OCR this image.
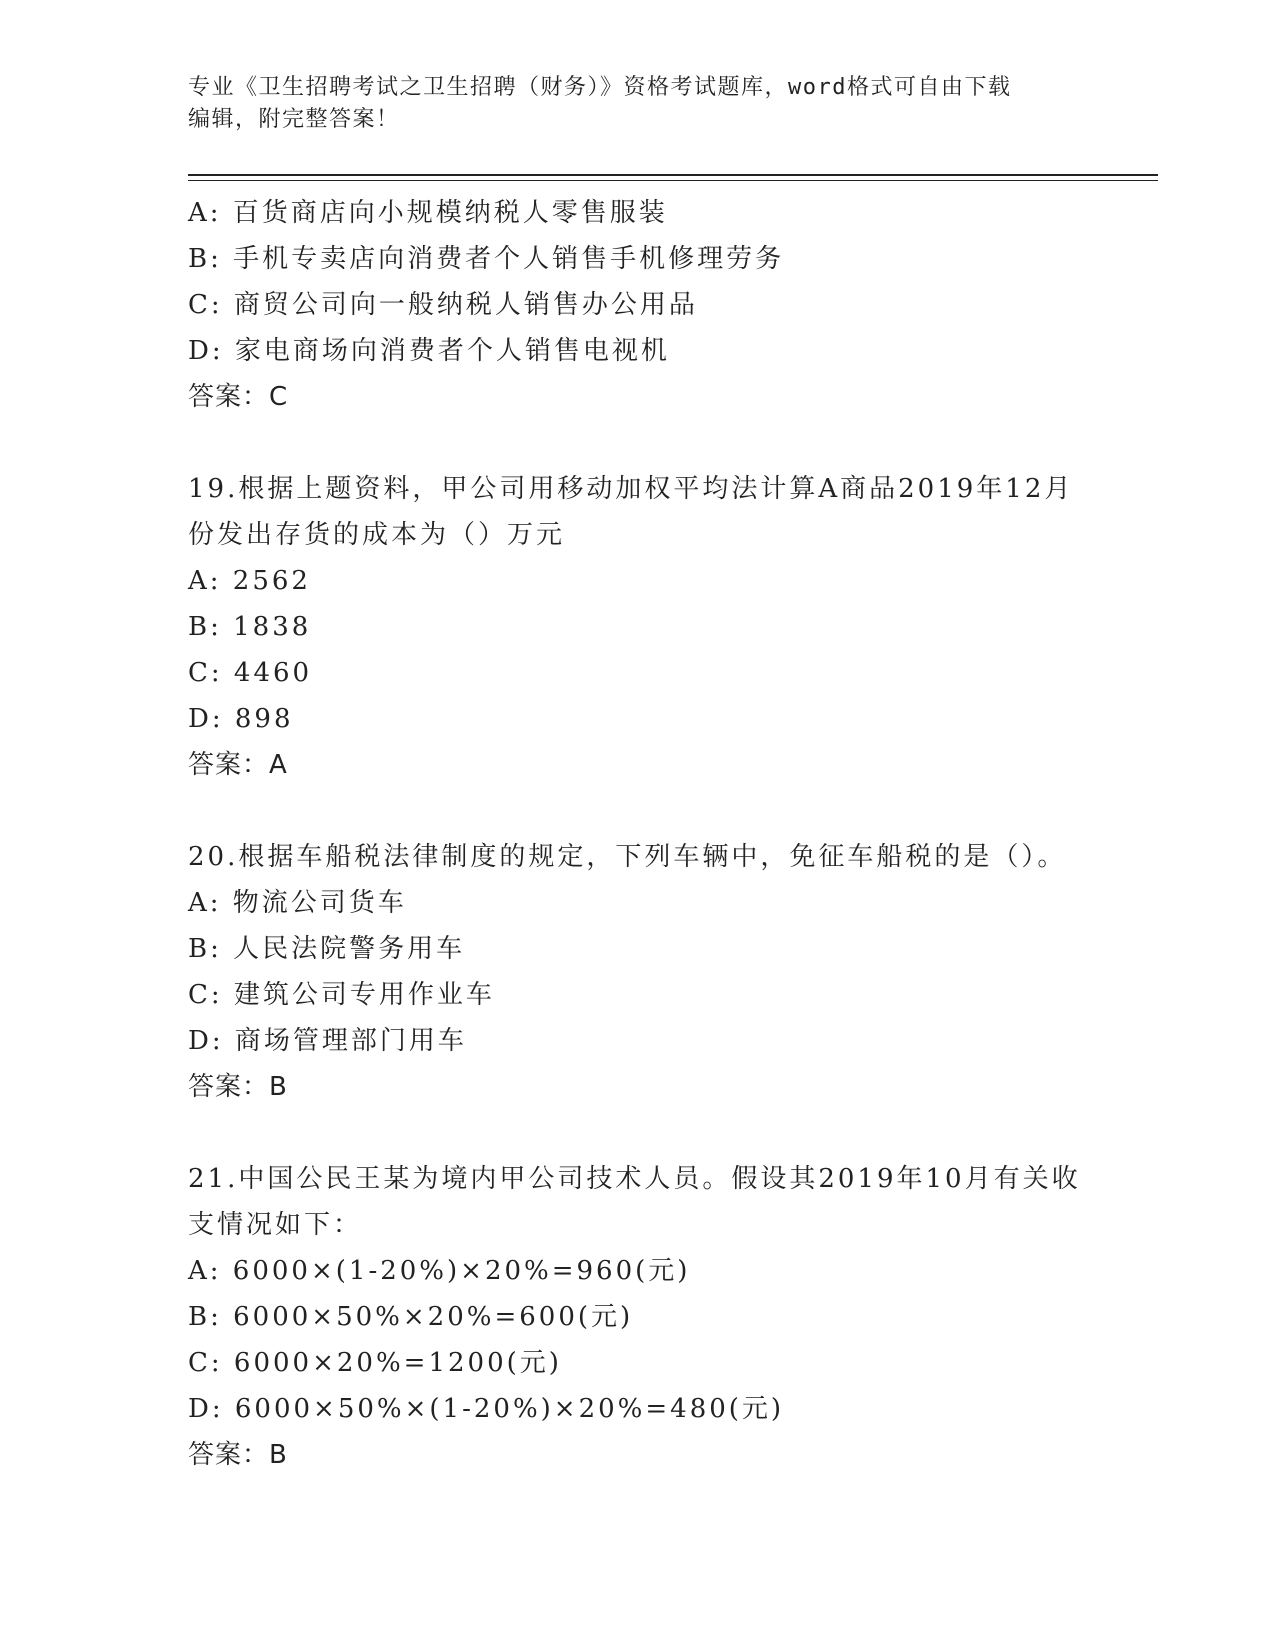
专业《卫生招聘考试之卫生招聘（财务）》资格考试题库，word格式可自由下载
编辑，附完整答案！
A: 百货商店向小规模纳税人零售服装
B: 手机专卖店向消费者个人销售手机修理劳务
C: 商贸公司向一般纳税人销售办公用品
D: 家电商场向消费者个人销售电视机
答案：C
19.根据上题资料，甲公司用移动加权平均法计算A商品2019年12月
份发出存货的成本为（）万元
A: 2562
B: 1838
C: 4460
D: 898
答案：A
20.根据车船税法律制度的规定，下列车辆中，免征车船税的是（）。
A: 物流公司货车
B: 人民法院警务用车
C: 建筑公司专用作业车
D: 商场管理部门用车
答案：B
21.中国公民王某为境内甲公司技术人员。假设其2019年10月有关收
支情况如下：
A: 6000×(1-20%)×20%=960(元)
B: 6000×50%×20%=600(元)
C: 6000×20%=1200(元)
D: 6000×50%×(1-20%)×20%=480(元)
答案：B
